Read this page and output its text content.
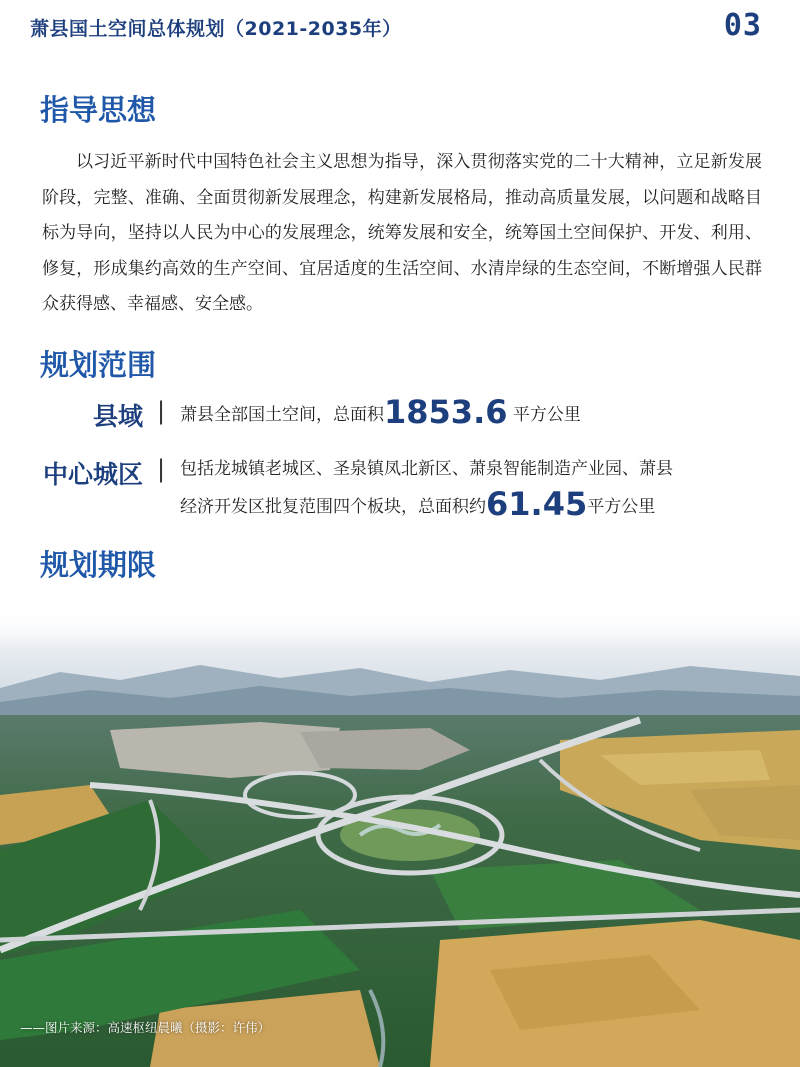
萧县国土空间总体规划（2021-2035年）	03
指导思想
以习近平新时代中国特色社会主义思想为指导，深入贯彻落实党的二十大精神，立足新发展阶段，完整、准确、全面贯彻新发展理念，构建新发展格局，推动高质量发展，以问题和战略目标为导向，坚持以人民为中心的发展理念，统筹发展和安全，统筹国土空间保护、开发、利用、修复，形成集约高效的生产空间、宜居适度的生活空间、水清岸绿的生态空间，不断增强人民群众获得感、幸福感、安全感。
规划范围
县域 | 萧县全部国土空间，总面积1853.6 平方公里
中心城区 | 包括龙城镇老城区、圣泉镇凤北新区、萧泉智能制造产业园、萧县
经济开发区批复范围四个板块，总面积约61.45平方公里
规划期限
——图片来源：高速枢纽晨曦（摄影：许伟）
